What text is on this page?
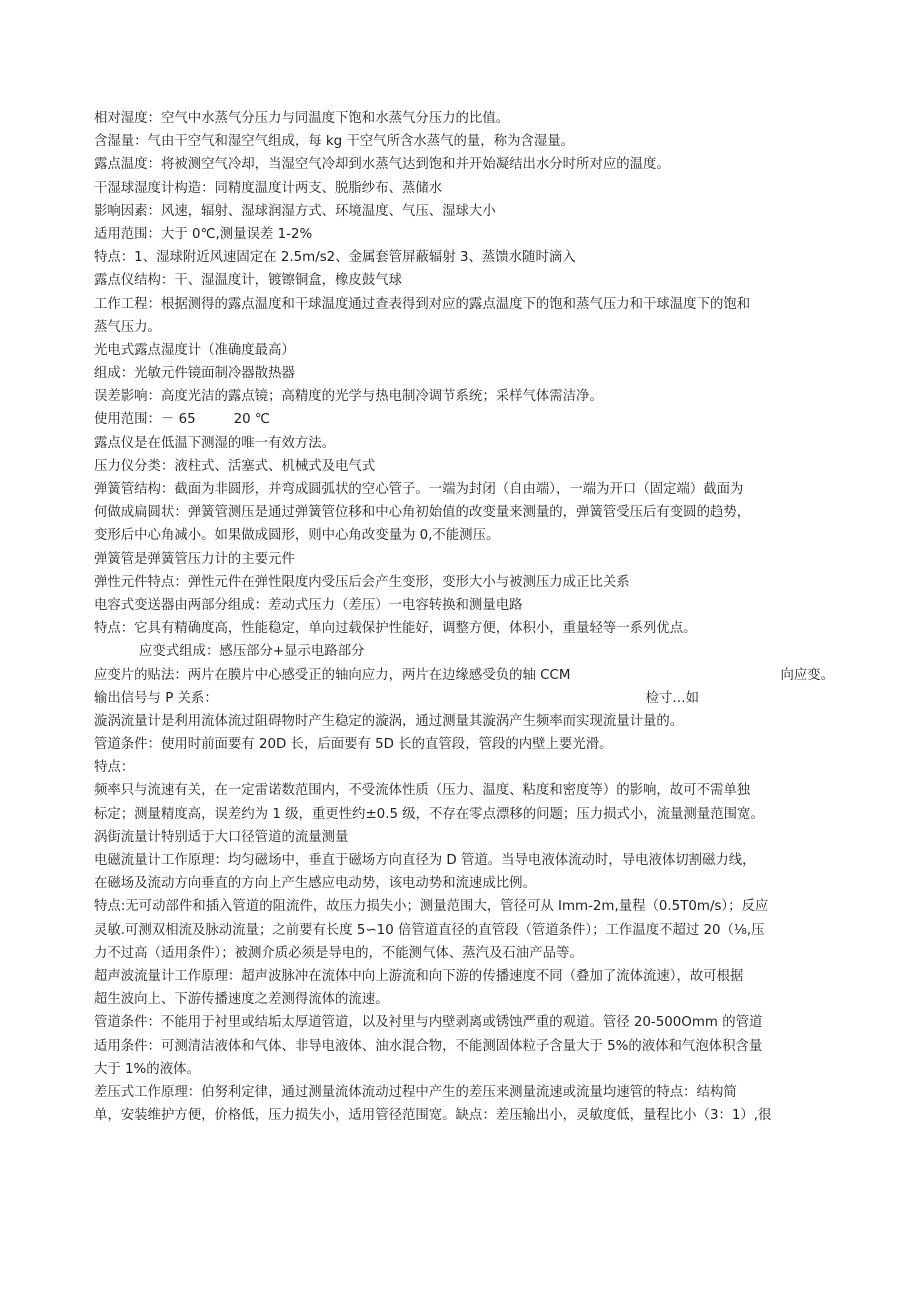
相对湿度：空气中水蒸气分压力与同温度下饱和水蒸气分压力的比值。
含湿量：气由干空气和湿空气组成，每 kg 干空气所含水蒸气的量，称为含湿量。
露点温度：将被测空气冷却，当湿空气冷却到水蒸气达到饱和并开始凝结出水分时所对应的温度。
干湿球湿度计构造：同精度温度计两支、脱脂纱布、蒸储水
影响因素：风速，辐射、湿球润湿方式、环境温度、气压、湿球大小
适用范围：大于 0℃,测量误差 1-2%
特点：1、湿球附近风速固定在 2.5m/s2、金属套管屏蔽辐射 3、蒸馈水随时滴入
露点仪结构：干、湿温度计，镀镲铜盒，橡皮鼓气球
工作工程：根据测得的露点温度和干球温度通过查表得到对应的露点温度下的饱和蒸气压力和干球温度下的饱和
蒸气压力。
光电式露点湿度计（准确度最高）
组成：光敏元件镜面制冷器散热器
误差影响：高度光洁的露点镜；高精度的光学与热电制冷调节系统；采样气体需洁净。
使用范围：－ 65	20 ℃
露点仪是在低温下测湿的唯一有效方法。
压力仪分类：液柱式、活塞式、机械式及电气式
弹簧管结构：截面为非圆形，并弯成圆弧状的空心管子。一端为封闭（自由端），一端为开口（固定端）截面为
何做成扁圆状：弹簧管测压是通过弹簧管位移和中心角初始值的改变量来测量的，弹簧管受压后有变圆的趋势，
变形后中心角减小。如果做成圆形，则中心角改变量为 0,不能测压。
弹簧管是弹簧管压力计的主要元件
弹性元件特点：弹性元件在弹性限度内受压后会产生变形，变形大小与被测压力成正比关系
电容式变送器由两部分组成：差动式压力（差压）一电容转换和测量电路
特点：它具有精确度高，性能稳定，单向过载保护性能好，调整方便，体积小，重量轻等一系列优点。
应变式组成：感压部分+显示电路部分
应变片的贴法：两片在膜片中心感受正的轴向应力，两片在边缘感受负的轴 CCM	向应变。
输出信号与 P 关系：	检寸…如
漩涡流量计是利用流体流过阻碍物时产生稳定的漩涡，通过测量其漩涡产生频率而实现流量计量的。
管道条件：使用时前面要有 20D 长，后面要有 5D 长的直管段，管段的内壁上要光滑。
特点：
频率只与流速有关，在一定雷诺数范围内，不受流体性质（压力、温度、粘度和密度等）的影响，故可不需单独
标定；测量精度高，误差约为 1 级，重更性约±0.5 级，不存在零点漂移的问题；压力损式小，流量测量范围宽。
涡街流量计特别适于大口径管道的流量测量
电磁流量计工作原理：均匀磁场中，垂直于磁场方向直径为 D 管道。当导电液体流动时，导电液体切割磁力线，
在磁场及流动方向垂直的方向上产生感应电动势，该电动势和流速成比例。
特点:无可动部件和插入管道的阻流件，故压力损失小；测量范围大，管径可从 Imm-2m,量程（0.5T0m∕s）；反应
灵敏.可测双相流及脉动流量；之前要有长度 5∽10 倍管道直径的直管段（管道条件）；工作温度不超过 20（⅛,压
力不过高（适用条件）；被测介质必须是导电的，不能测气体、蒸汽及石油产品等。
超声波流量计工作原理：超声波脉冲在流体中向上游流和向下游的传播速度不同（叠加了流体流速），故可根据
超生波向上、下游传播速度之差测得流体的流速。
管道条件：不能用于衬里或结垢太厚道管道，以及衬里与内壁剥离或锈蚀严重的观道。管径 20-500Omm 的管道
适用条件：可测清洁液体和气体、非导电液体、油水混合物，不能测固体粒子含量大于 5%的液体和气泡体积含量
大于 1%的液体。
差压式工作原理：伯努利定律，通过测量流体流动过程中产生的差压来测量流速或流量均速管的特点：结构简
单，安装维护方便，价格低，压力损失小，适用管径范围宽。缺点：差压输出小，灵敏度低，量程比小（3：1）,很
